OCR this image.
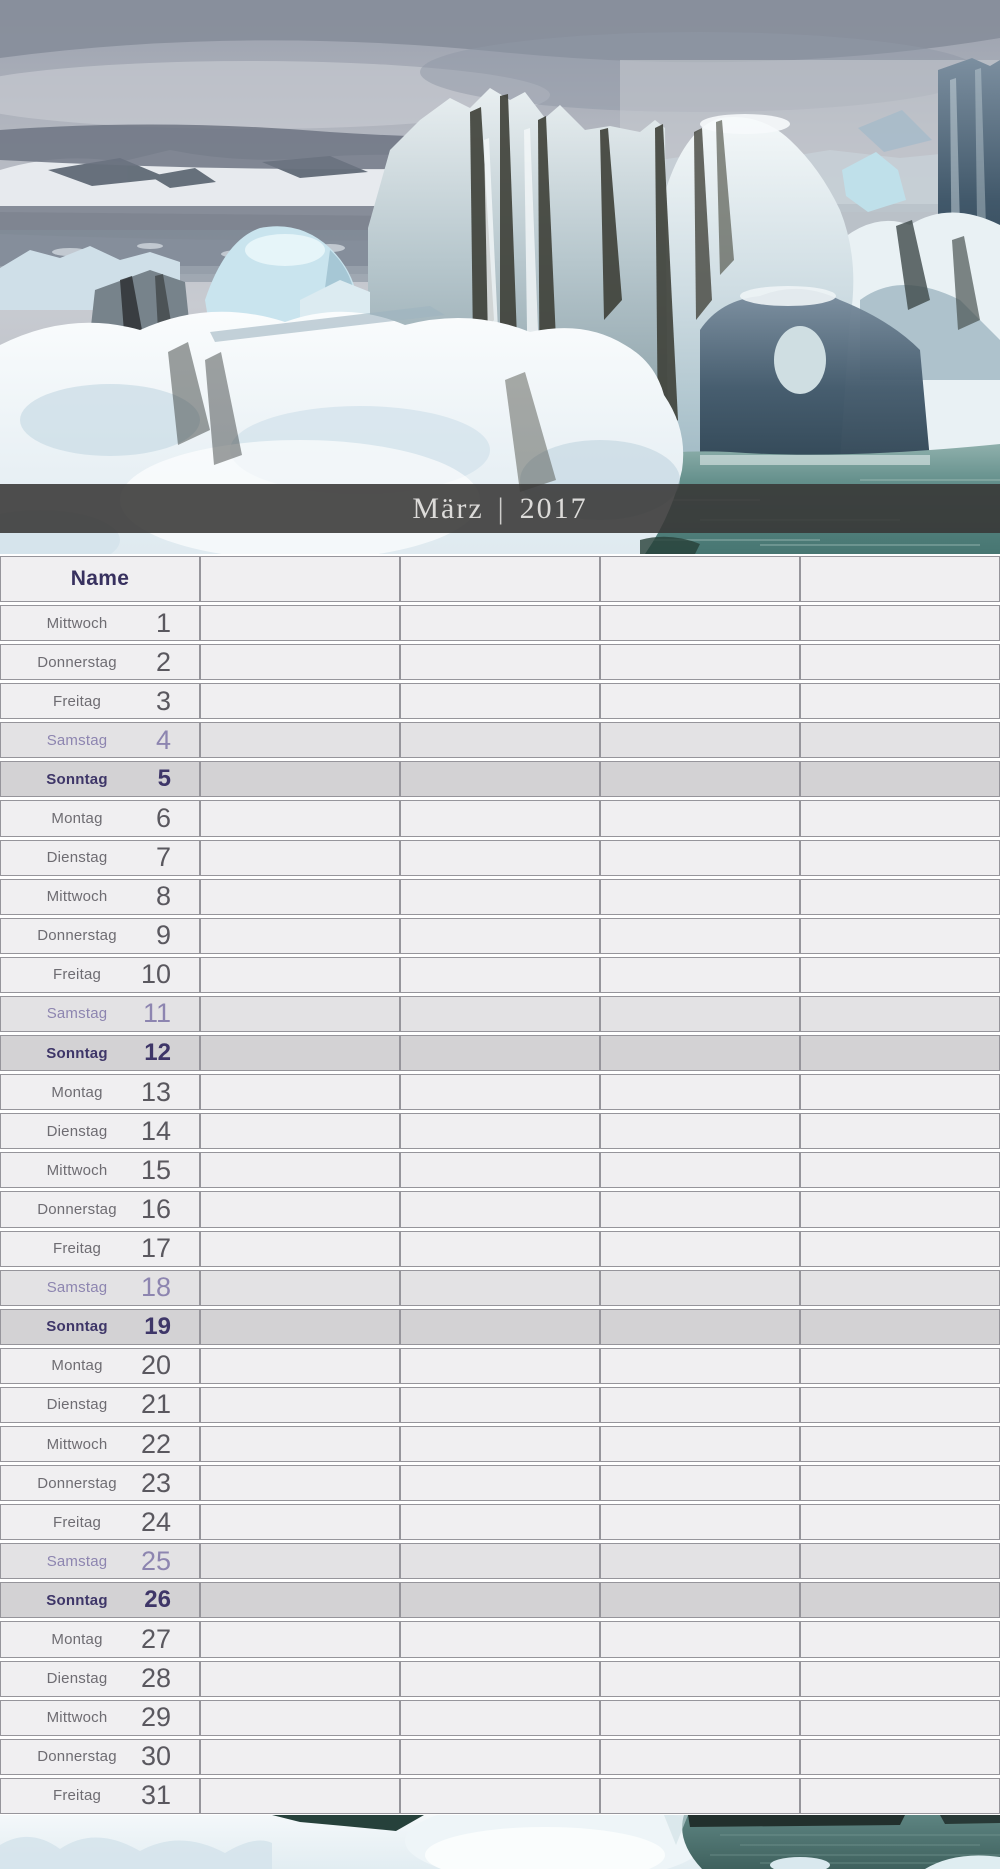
März | 2017
Name				

Mittwoch 1				

Donnerstag 2				

Freitag 3				

Samstag 4				

Sonntag 5				

Montag 6				

Dienstag 7				

Mittwoch 8				

Donnerstag 9				

Freitag 10				

Samstag 11				

Sonntag 12				

Montag 13				

Dienstag 14				

Mittwoch 15				

Donnerstag 16				

Freitag 17				

Samstag 18				

Sonntag 19				

Montag 20				

Dienstag 21				

Mittwoch 22				

Donnerstag 23				

Freitag 24				

Samstag 25				

Sonntag 26				

Montag 27				

Dienstag 28				

Mittwoch 29				

Donnerstag 30				

Freitag 31				
